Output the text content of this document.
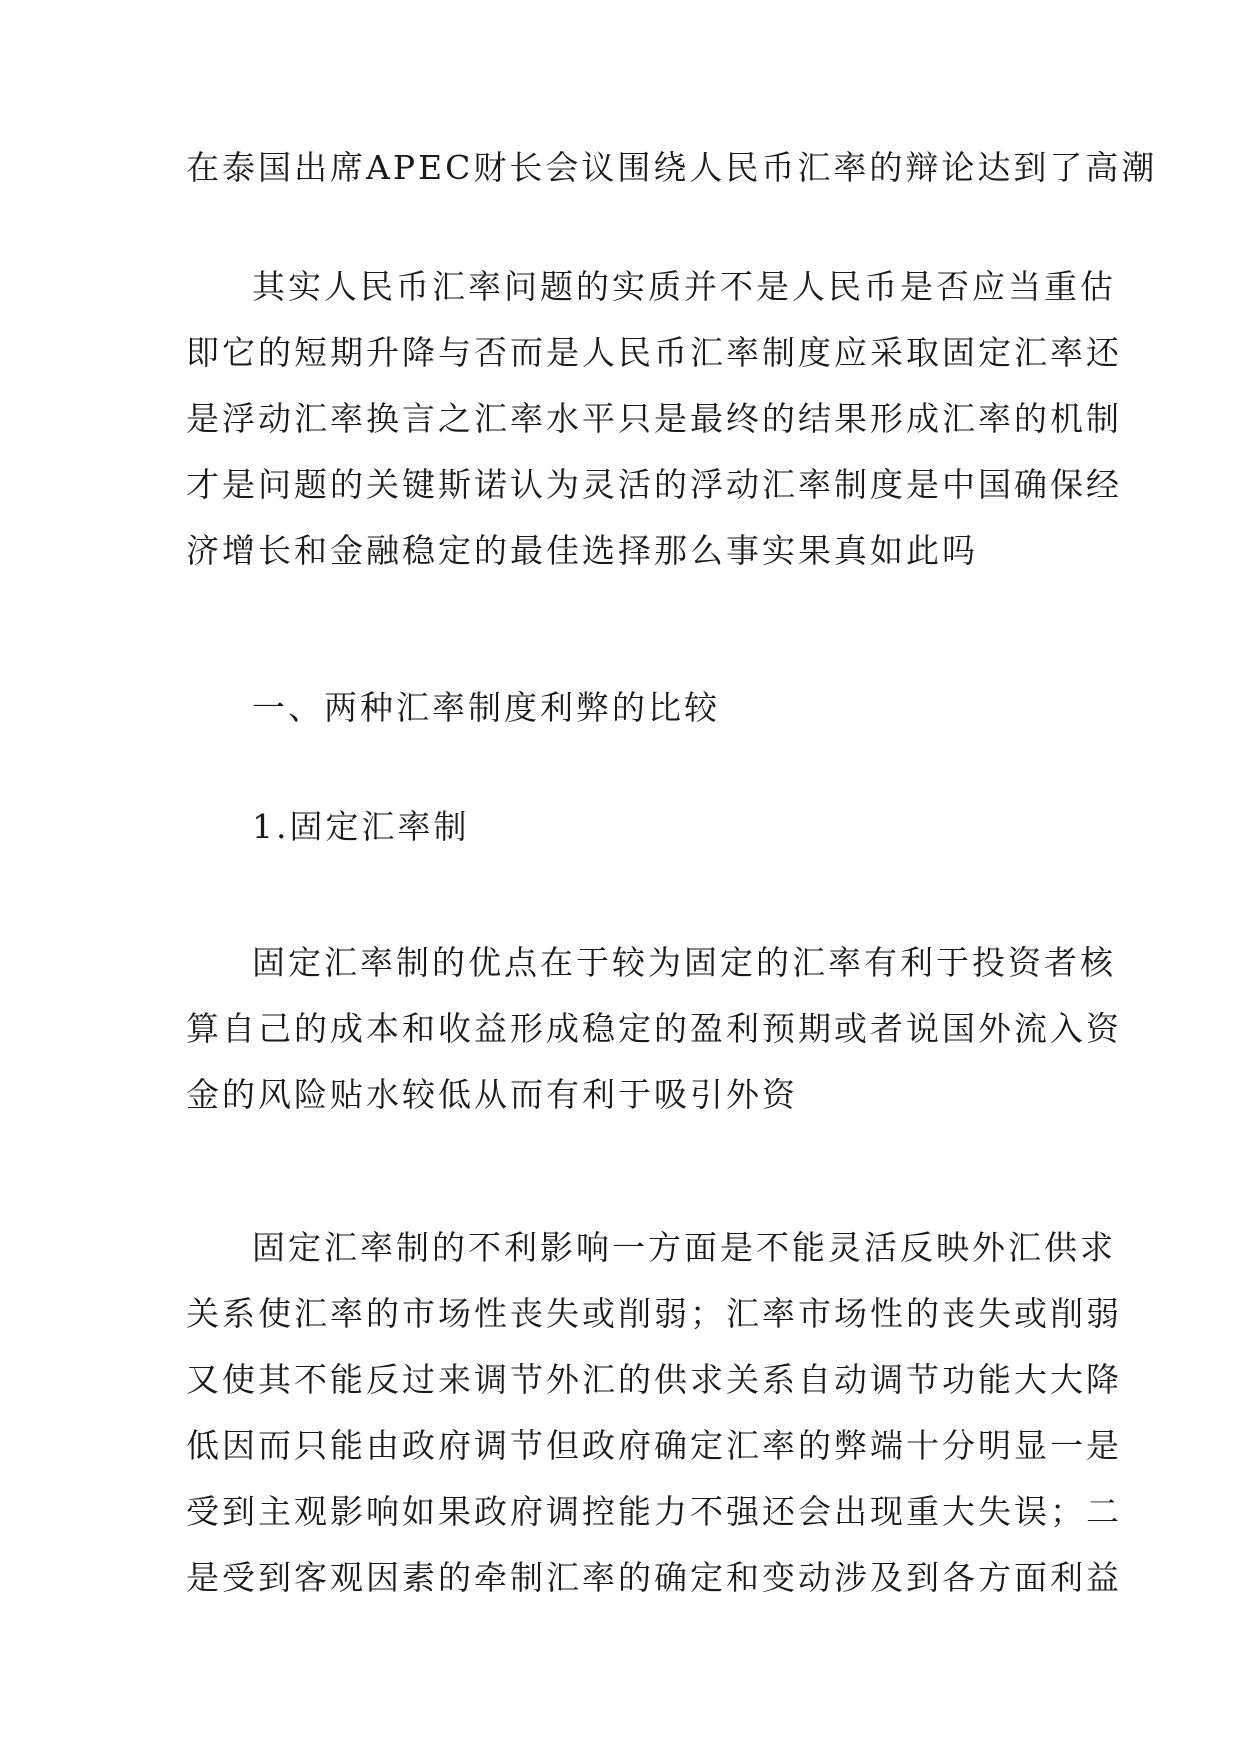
在泰国出席APEC财长会议围绕人民币汇率的辩论达到了高潮
其实人民币汇率问题的实质并不是人民币是否应当重估
即它的短期升降与否而是人民币汇率制度应采取固定汇率还
是浮动汇率换言之汇率水平只是最终的结果形成汇率的机制
才是问题的关键斯诺认为灵活的浮动汇率制度是中国确保经
济增长和金融稳定的最佳选择那么事实果真如此吗
一、两种汇率制度利弊的比较
1.固定汇率制
固定汇率制的优点在于较为固定的汇率有利于投资者核
算自己的成本和收益形成稳定的盈利预期或者说国外流入资
金的风险贴水较低从而有利于吸引外资
固定汇率制的不利影响一方面是不能灵活反映外汇供求
关系使汇率的市场性丧失或削弱；汇率市场性的丧失或削弱
又使其不能反过来调节外汇的供求关系自动调节功能大大降
低因而只能由政府调节但政府确定汇率的弊端十分明显一是
受到主观影响如果政府调控能力不强还会出现重大失误；二
是受到客观因素的牵制汇率的确定和变动涉及到各方面利益
